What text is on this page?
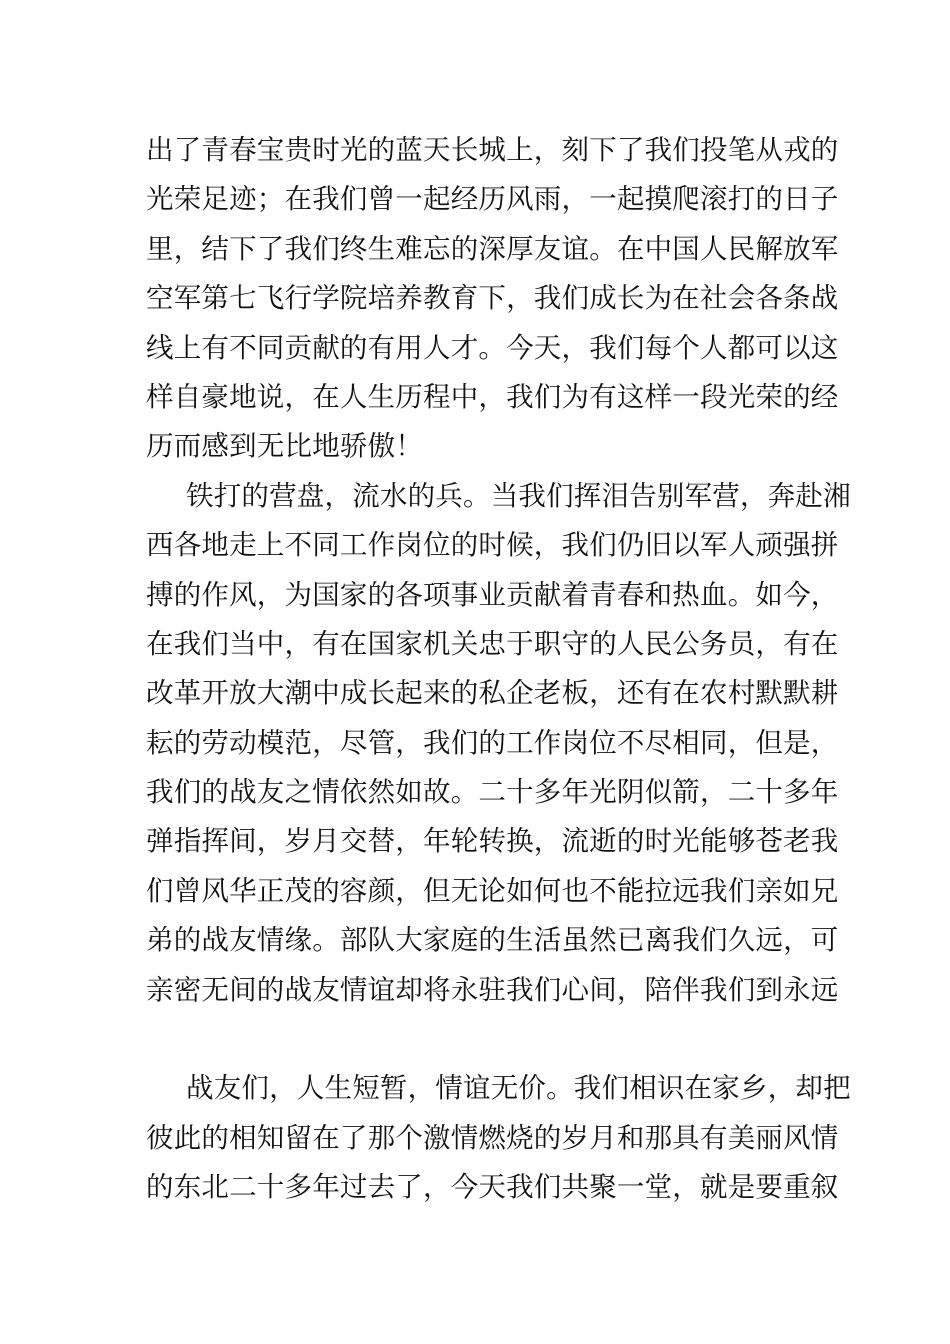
出了青春宝贵时光的蓝天长城上，刻下了我们投笔从戎的
光荣足迹；在我们曾一起经历风雨，一起摸爬滚打的日子
里，结下了我们终生难忘的深厚友谊。在中国人民解放军
空军第七飞行学院培养教育下，我们成长为在社会各条战
线上有不同贡献的有用人才。今天，我们每个人都可以这
样自豪地说，在人生历程中，我们为有这样一段光荣的经
历而感到无比地骄傲！
铁打的营盘，流水的兵。当我们挥泪告别军营，奔赴湘
西各地走上不同工作岗位的时候，我们仍旧以军人顽强拼
搏的作风，为国家的各项事业贡献着青春和热血。如今，
在我们当中，有在国家机关忠于职守的人民公务员，有在
改革开放大潮中成长起来的私企老板，还有在农村默默耕
耘的劳动模范，尽管，我们的工作岗位不尽相同，但是，
我们的战友之情依然如故。二十多年光阴似箭，二十多年
弹指挥间，岁月交替，年轮转换，流逝的时光能够苍老我
们曾风华正茂的容颜，但无论如何也不能拉远我们亲如兄
弟的战友情缘。部队大家庭的生活虽然已离我们久远，可
亲密无间的战友情谊却将永驻我们心间，陪伴我们到永远
战友们，人生短暂，情谊无价。我们相识在家乡，却把
彼此的相知留在了那个激情燃烧的岁月和那具有美丽风情
的东北二十多年过去了，今天我们共聚一堂，就是要重叙
